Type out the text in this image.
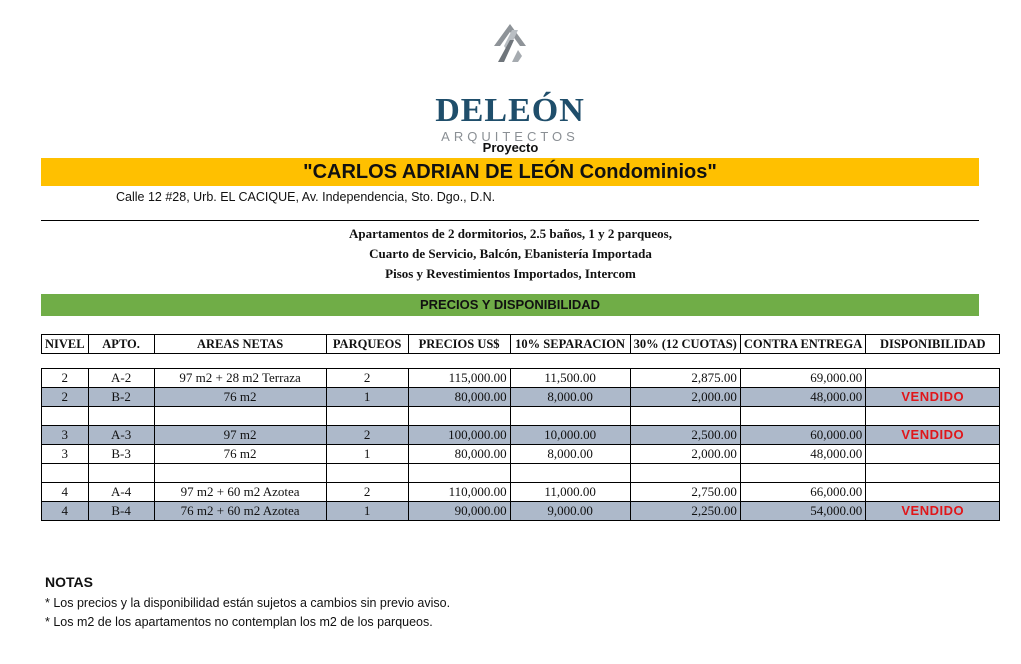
DELEÓN
ARQUITECTOS
Proyecto
"CARLOS ADRIAN DE LEÓN Condominios"
Calle 12 #28, Urb. EL CACIQUE, Av. Independencia, Sto. Dgo., D.N.
Apartamentos de 2 dormitorios, 2.5 baños, 1 y 2 parqueos,
Cuarto de Servicio, Balcón, Ebanistería Importada
Pisos y Revestimientos Importados, Intercom
PRECIOS Y DISPONIBILIDAD
NIVEL	APTO.	AREAS NETAS	PARQUEOS	PRECIOS US$	10% SEPARACION	30% (12 CUOTAS)	CONTRA ENTREGA	DISPONIBILIDAD

2	A-2	97 m2 + 28 m2 Terraza	2	115,000.00	11,500.00	2,875.00	69,000.00	
2	B-2	76 m2	1	80,000.00	8,000.00	2,000.00	48,000.00	VENDIDO

3	A-3	97 m2	2	100,000.00	10,000.00	2,500.00	60,000.00	VENDIDO
3	B-3	76 m2	1	80,000.00	8,000.00	2,000.00	48,000.00	

4	A-4	97 m2 + 60 m2 Azotea	2	110,000.00	11,000.00	2,750.00	66,000.00	
4	B-4	76 m2 + 60 m2 Azotea	1	90,000.00	9,000.00	2,250.00	54,000.00	VENDIDO
NOTAS
* Los precios y la disponibilidad están sujetos a cambios sin previo aviso.
* Los m2 de los apartamentos no contemplan los m2 de los parqueos.
